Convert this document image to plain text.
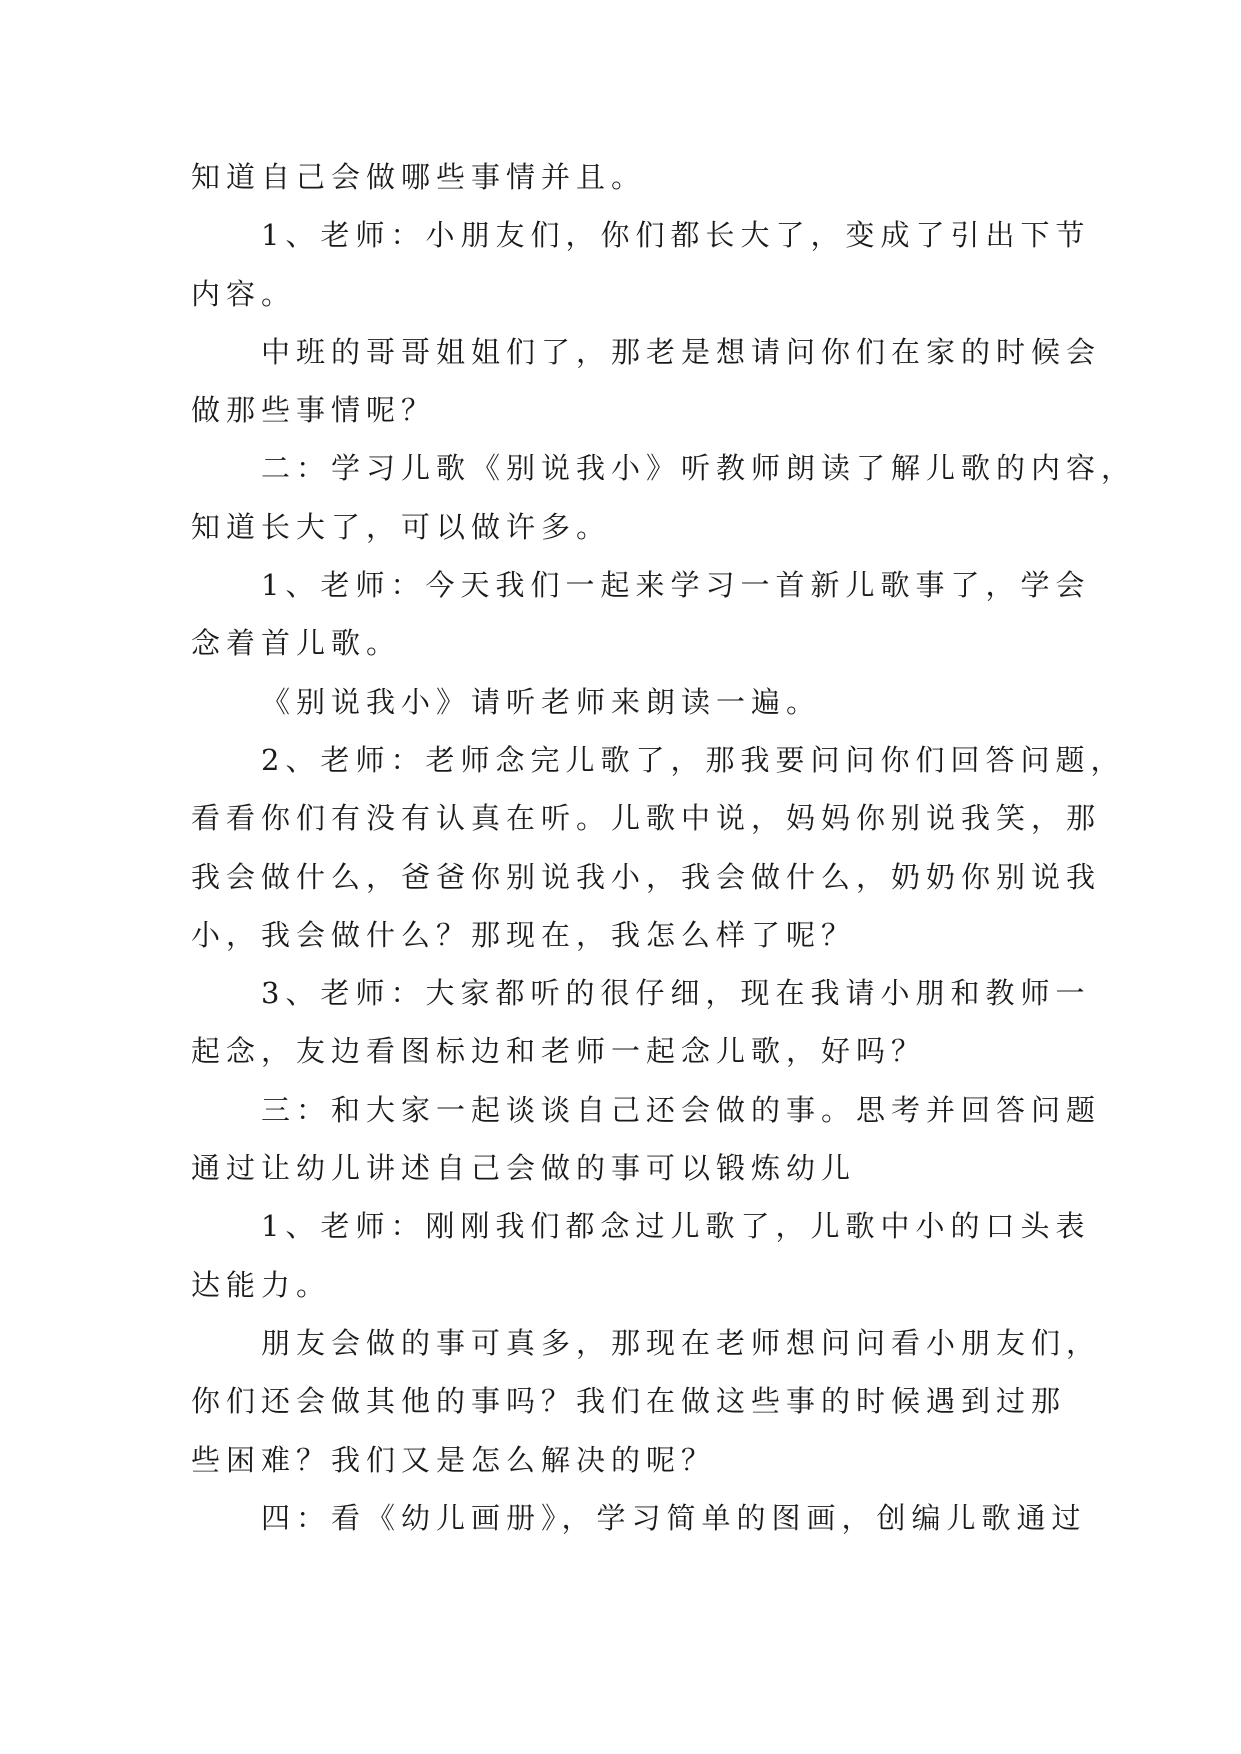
知道自己会做哪些事情并且。
1、老师：小朋友们，你们都长大了，变成了引出下节
内容。
中班的哥哥姐姐们了，那老是想请问你们在家的时候会
做那些事情呢？
二：学习儿歌《别说我小》听教师朗读了解儿歌的内容，
知道长大了，可以做许多。
1、老师：今天我们一起来学习一首新儿歌事了，学会
念着首儿歌。
《别说我小》请听老师来朗读一遍。
2、老师：老师念完儿歌了，那我要问问你们回答问题，
看看你们有没有认真在听。儿歌中说，妈妈你别说我笑，那
我会做什么，爸爸你别说我小，我会做什么，奶奶你别说我
小，我会做什么？那现在，我怎么样了呢？
3、老师：大家都听的很仔细，现在我请小朋和教师一
起念，友边看图标边和老师一起念儿歌，好吗？
三：和大家一起谈谈自己还会做的事。思考并回答问题
通过让幼儿讲述自己会做的事可以锻炼幼儿
1、老师：刚刚我们都念过儿歌了，儿歌中小的口头表
达能力。
朋友会做的事可真多，那现在老师想问问看小朋友们，
你们还会做其他的事吗？我们在做这些事的时候遇到过那
些困难？我们又是怎么解决的呢？
四：看《幼儿画册》，学习简单的图画，创编儿歌通过
